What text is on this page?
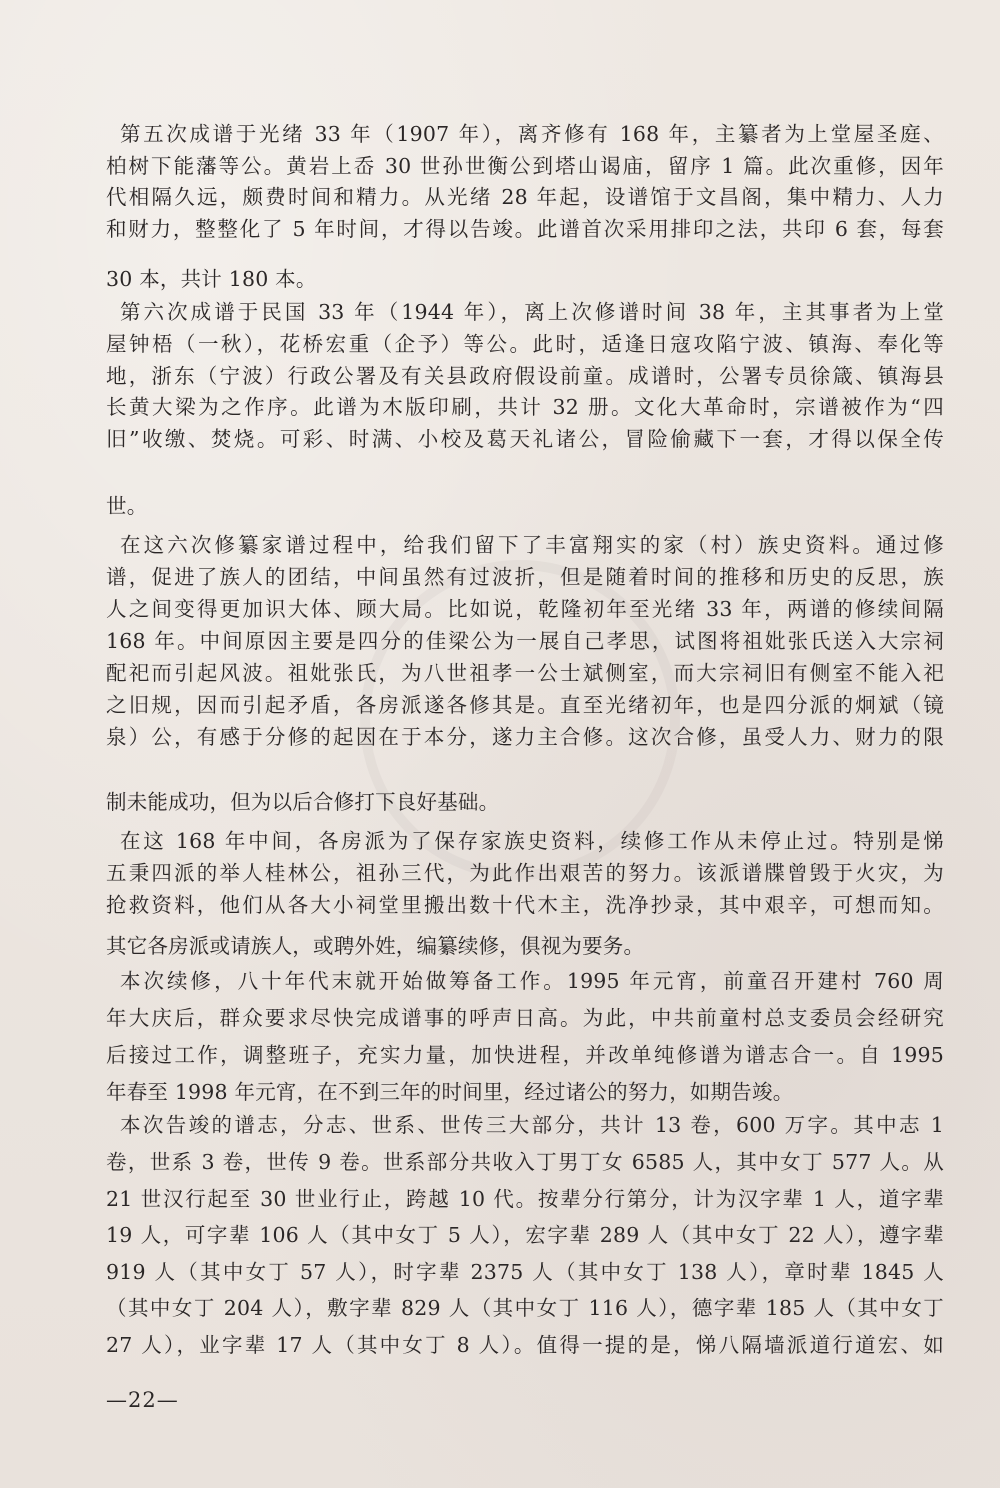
第五次成谱于光绪 33 年（1907 年），离齐修有 168 年，主纂者为上堂屋圣庭、
柏树下能藩等公。黄岩上岙 30 世孙世衡公到塔山谒庙，留序 1 篇。此次重修，因年
代相隔久远，颇费时间和精力。从光绪 28 年起，设谱馆于文昌阁，集中精力、人力
和财力，整整化了 5 年时间，才得以告竣。此谱首次采用排印之法，共印 6 套，每套
30 本，共计 180 本。
第六次成谱于民国 33 年（1944 年），离上次修谱时间 38 年，主其事者为上堂
屋钟梧（一秋），花桥宏重（企予）等公。此时，适逢日寇攻陷宁波、镇海、奉化等
地，浙东（宁波）行政公署及有关县政府假设前童。成谱时，公署专员徐箴、镇海县
长黄大梁为之作序。此谱为木版印刷，共计 32 册。文化大革命时，宗谱被作为“四
旧”收缴、焚烧。可彩、时满、小校及葛天礼诸公，冒险偷藏下一套，才得以保全传
世。
在这六次修纂家谱过程中，给我们留下了丰富翔实的家（村）族史资料。通过修
谱，促进了族人的团结，中间虽然有过波折，但是随着时间的推移和历史的反思，族
人之间变得更加识大体、顾大局。比如说，乾隆初年至光绪 33 年，两谱的修续间隔
168 年。中间原因主要是四分的佳梁公为一展自己孝思，试图将祖妣张氏送入大宗祠
配祀而引起风波。祖妣张氏，为八世祖孝一公士斌侧室，而大宗祠旧有侧室不能入祀
之旧规，因而引起矛盾，各房派遂各修其是。直至光绪初年，也是四分派的炯斌（镜
泉）公，有感于分修的起因在于本分，遂力主合修。这次合修，虽受人力、财力的限
制未能成功，但为以后合修打下良好基础。
在这 168 年中间，各房派为了保存家族史资料，续修工作从未停止过。特别是悌
五秉四派的举人桂林公，祖孙三代，为此作出艰苦的努力。该派谱牒曾毁于火灾，为
抢救资料，他们从各大小祠堂里搬出数十代木主，洗净抄录，其中艰辛，可想而知。
其它各房派或请族人，或聘外姓，编纂续修，俱视为要务。
本次续修，八十年代末就开始做筹备工作。1995 年元宵，前童召开建村 760 周
年大庆后，群众要求尽快完成谱事的呼声日高。为此，中共前童村总支委员会经研究
后接过工作，调整班子，充实力量，加快进程，并改单纯修谱为谱志合一。自 1995
年春至 1998 年元宵，在不到三年的时间里，经过诸公的努力，如期告竣。
本次告竣的谱志，分志、世系、世传三大部分，共计 13 卷，600 万字。其中志 1
卷，世系 3 卷，世传 9 卷。世系部分共收入丁男丁女 6585 人，其中女丁 577 人。从
21 世汉行起至 30 世业行止，跨越 10 代。按辈分行第分，计为汉字辈 1 人，道字辈
19 人，可字辈 106 人（其中女丁 5 人），宏字辈 289 人（其中女丁 22 人），遵字辈
919 人（其中女丁 57 人），时字辈 2375 人（其中女丁 138 人），章时辈 1845 人
（其中女丁 204 人），敷字辈 829 人（其中女丁 116 人），德字辈 185 人（其中女丁
27 人），业字辈 17 人（其中女丁 8 人）。值得一提的是，悌八隔墙派道行道宏、如
—22—
